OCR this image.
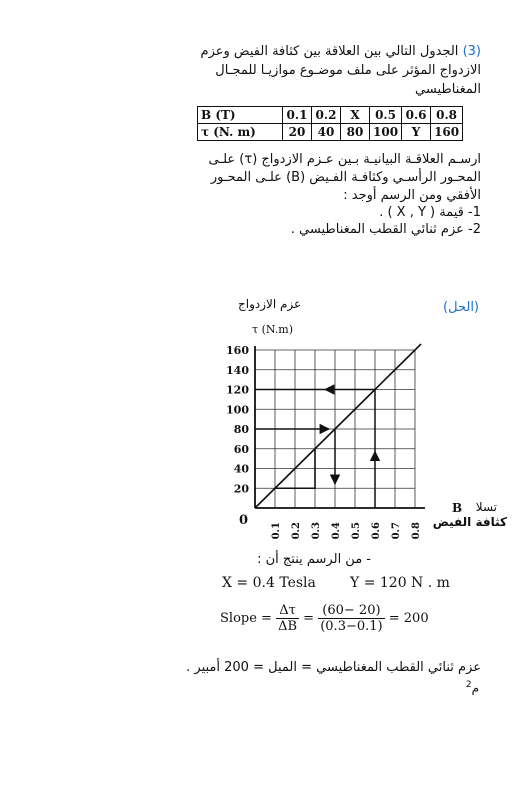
(3) الجدول التالي بين العلاقة بين كثافة الفيض وعزم
الازدواج المؤثر على ملف موضـوع موازيـا للمجـال
المغناطيسي
ارسـم العلاقـة البيانيـة بـين عـزم الازدواج (τ) علـى
المحـور الرأسـي وكثافـة الفـيض (B) علـى المحـور
الأفقي ومن الرسم أوجد :
1- قيمة ( X , Y ) .
2- عزم ثنائي القطب المغناطيسي .
B (T)	0.1	0.2	X	0.5	0.6	0.8
τ (N. m)	20	40	80	100	Y	160
(الحل)
عزم الازدواج
τ (N.m)
20
40
60
80
100
120
140
160
0.1 0.2 0.3 0.4 0.5 0.6 0.7 0.8
0
B تسلا
كثافة الفيض
- من الرسم ينتج أن :
X = 0.4 Tesla Y = 120 N . m
Slope = $\frac{\Delta\tau}{\Delta B} = \frac{(60- 20)}{(0.3-0.1)} = 200$
عزم ثنائي القطب المغناطيسي = الميل = 200 أمبير .
م$^2$
